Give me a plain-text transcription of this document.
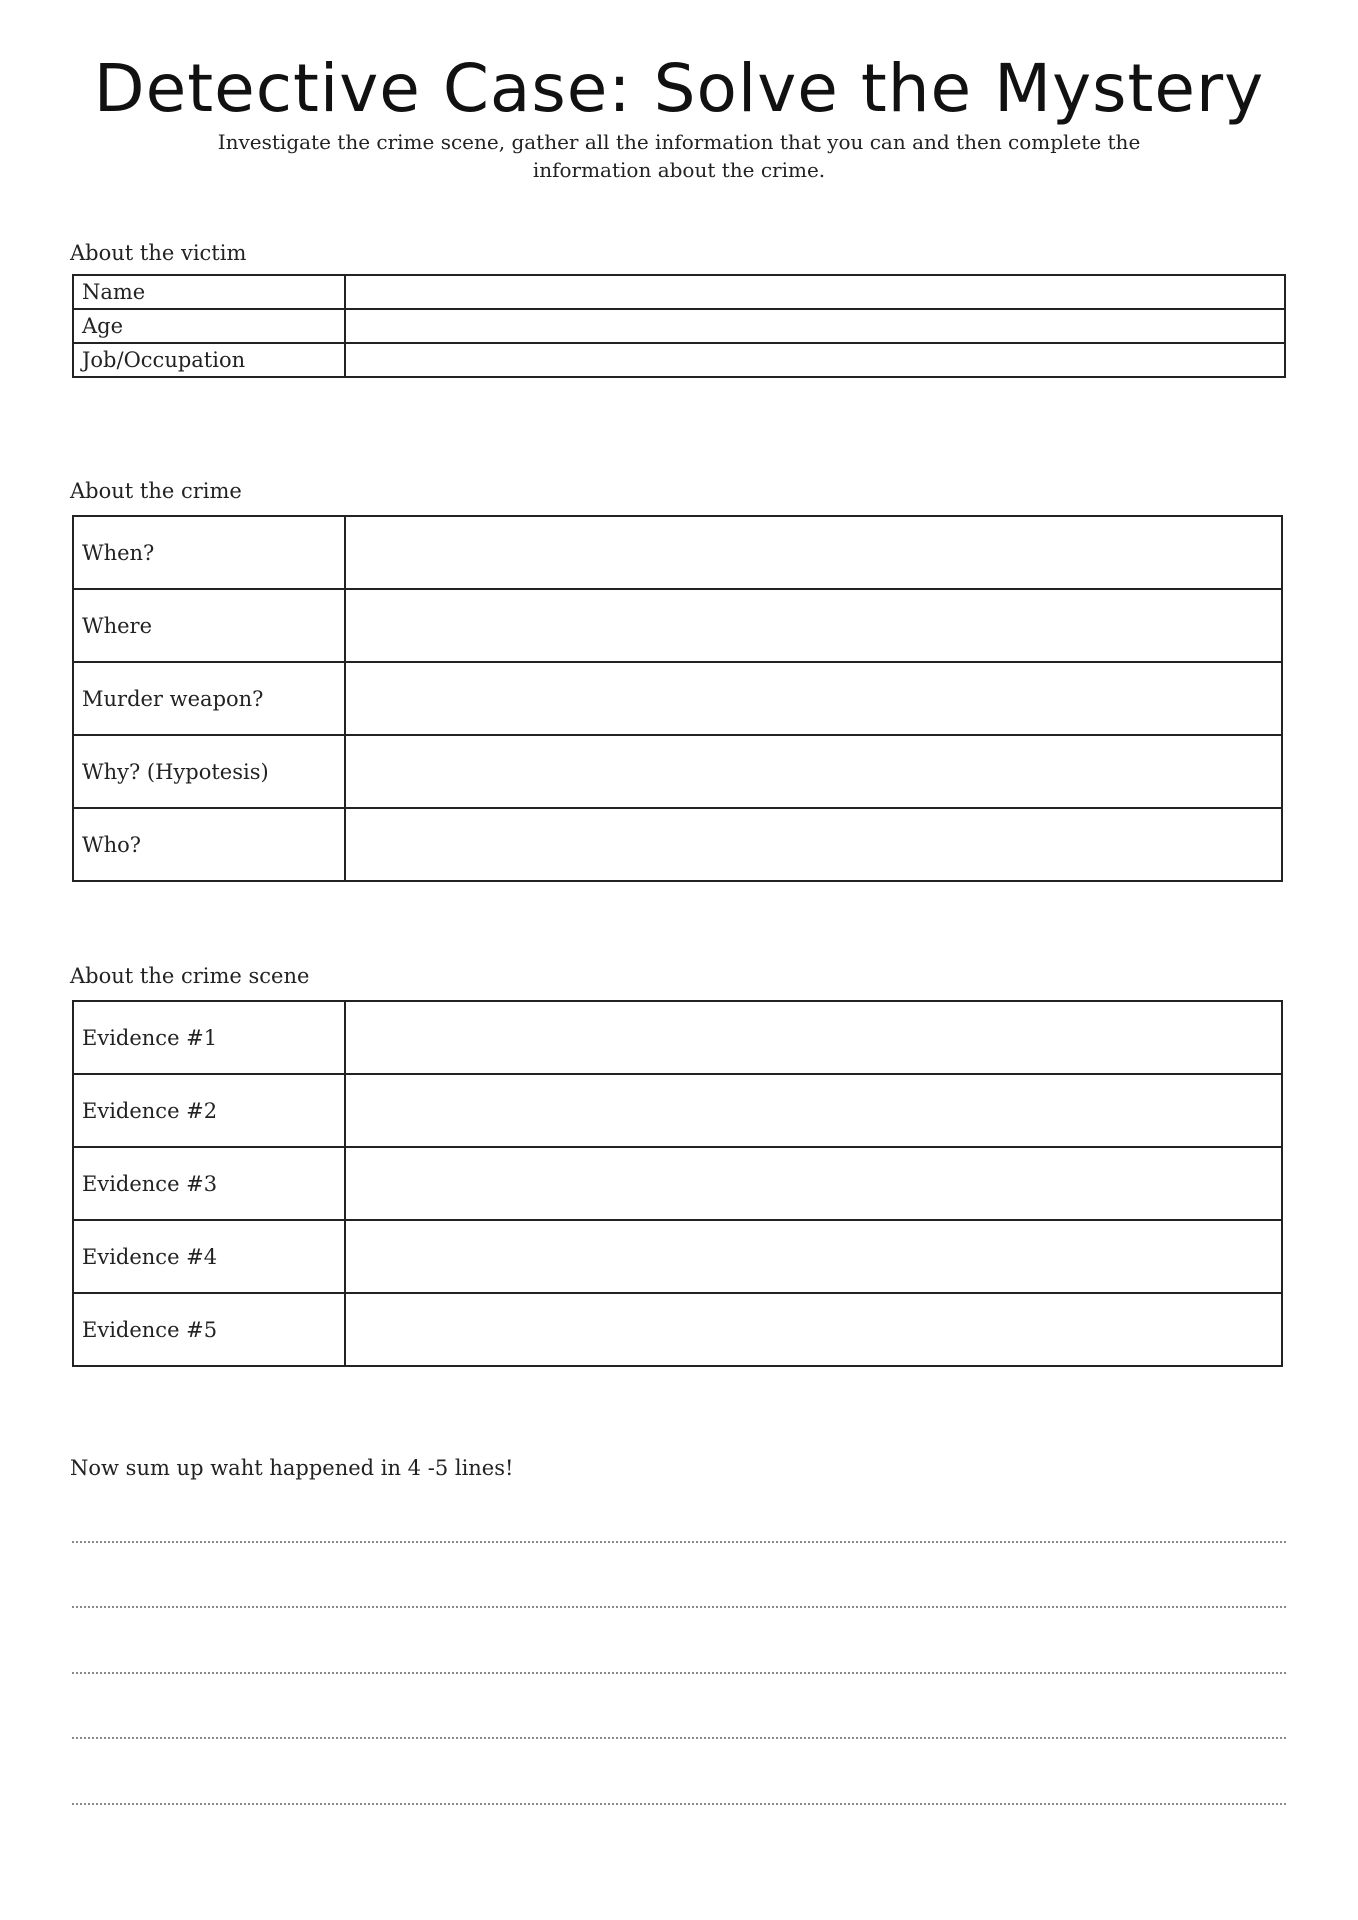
Detective Case: Solve the Mystery
Investigate the crime scene, gather all the information that you can and then complete the information about the crime.
About the victim
Name	
Age	
Job/Occupation	
About the crime
When?	
Where	
Murder weapon?	
Why? (Hypotesis)	
Who?	
About the crime scene
Evidence #1	
Evidence #2	
Evidence #3	
Evidence #4	
Evidence #5	
Now sum up waht happened in 4 -5 lines!
